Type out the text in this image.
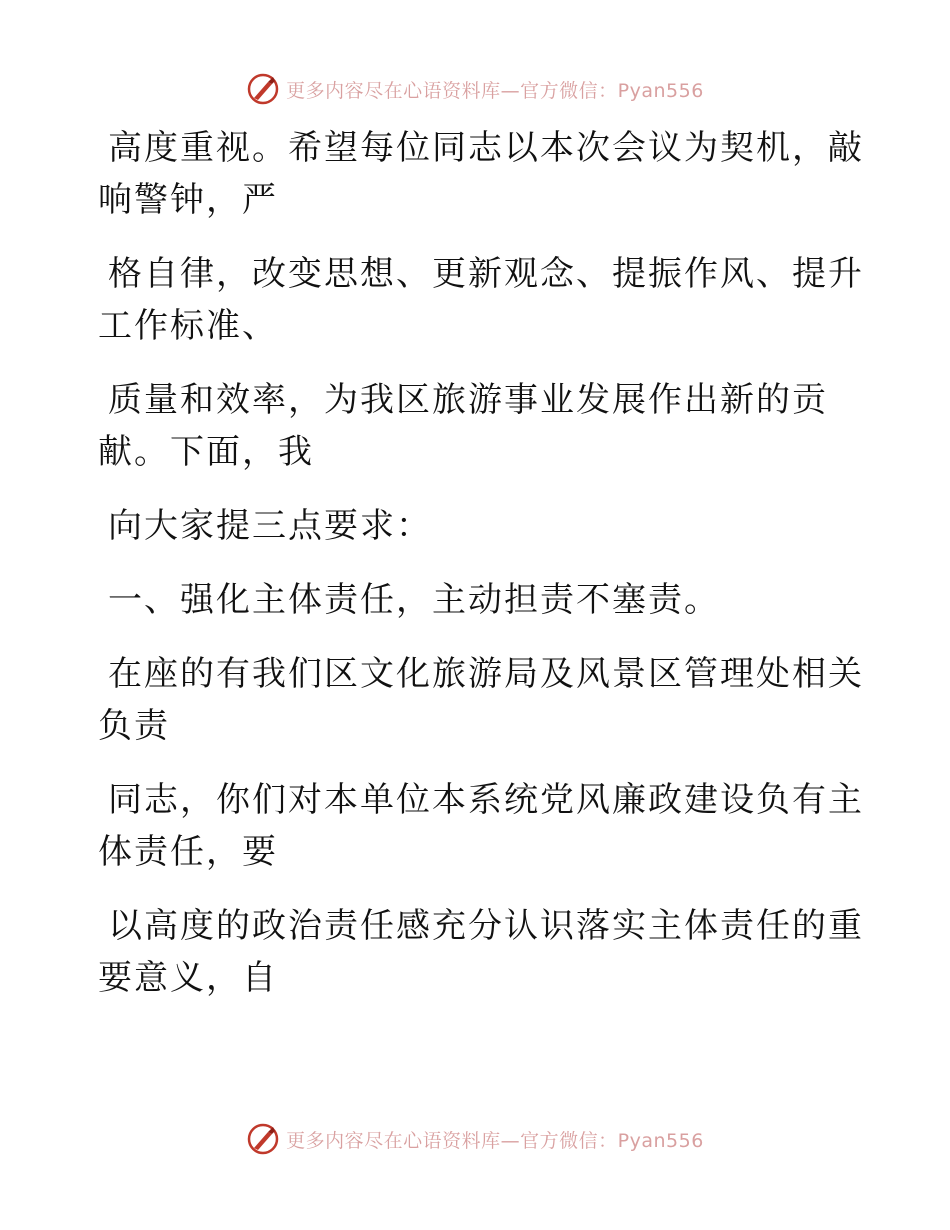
更多内容尽在心语资料库—官方微信：Pyan556

高度重视。希望每位同志以本次会议为契机，敲
响警钟，严

格自律，改变思想、更新观念、提振作风、提升
工作标准、

质量和效率，为我区旅游事业发展作出新的贡
献。下面，我

向大家提三点要求：

一、强化主体责任，主动担责不塞责。

在座的有我们区文化旅游局及风景区管理处相关
负责

同志，你们对本单位本系统党风廉政建设负有主
体责任，要

以高度的政治责任感充分认识落实主体责任的重
要意义，自

更多内容尽在心语资料库—官方微信：Pyan556
